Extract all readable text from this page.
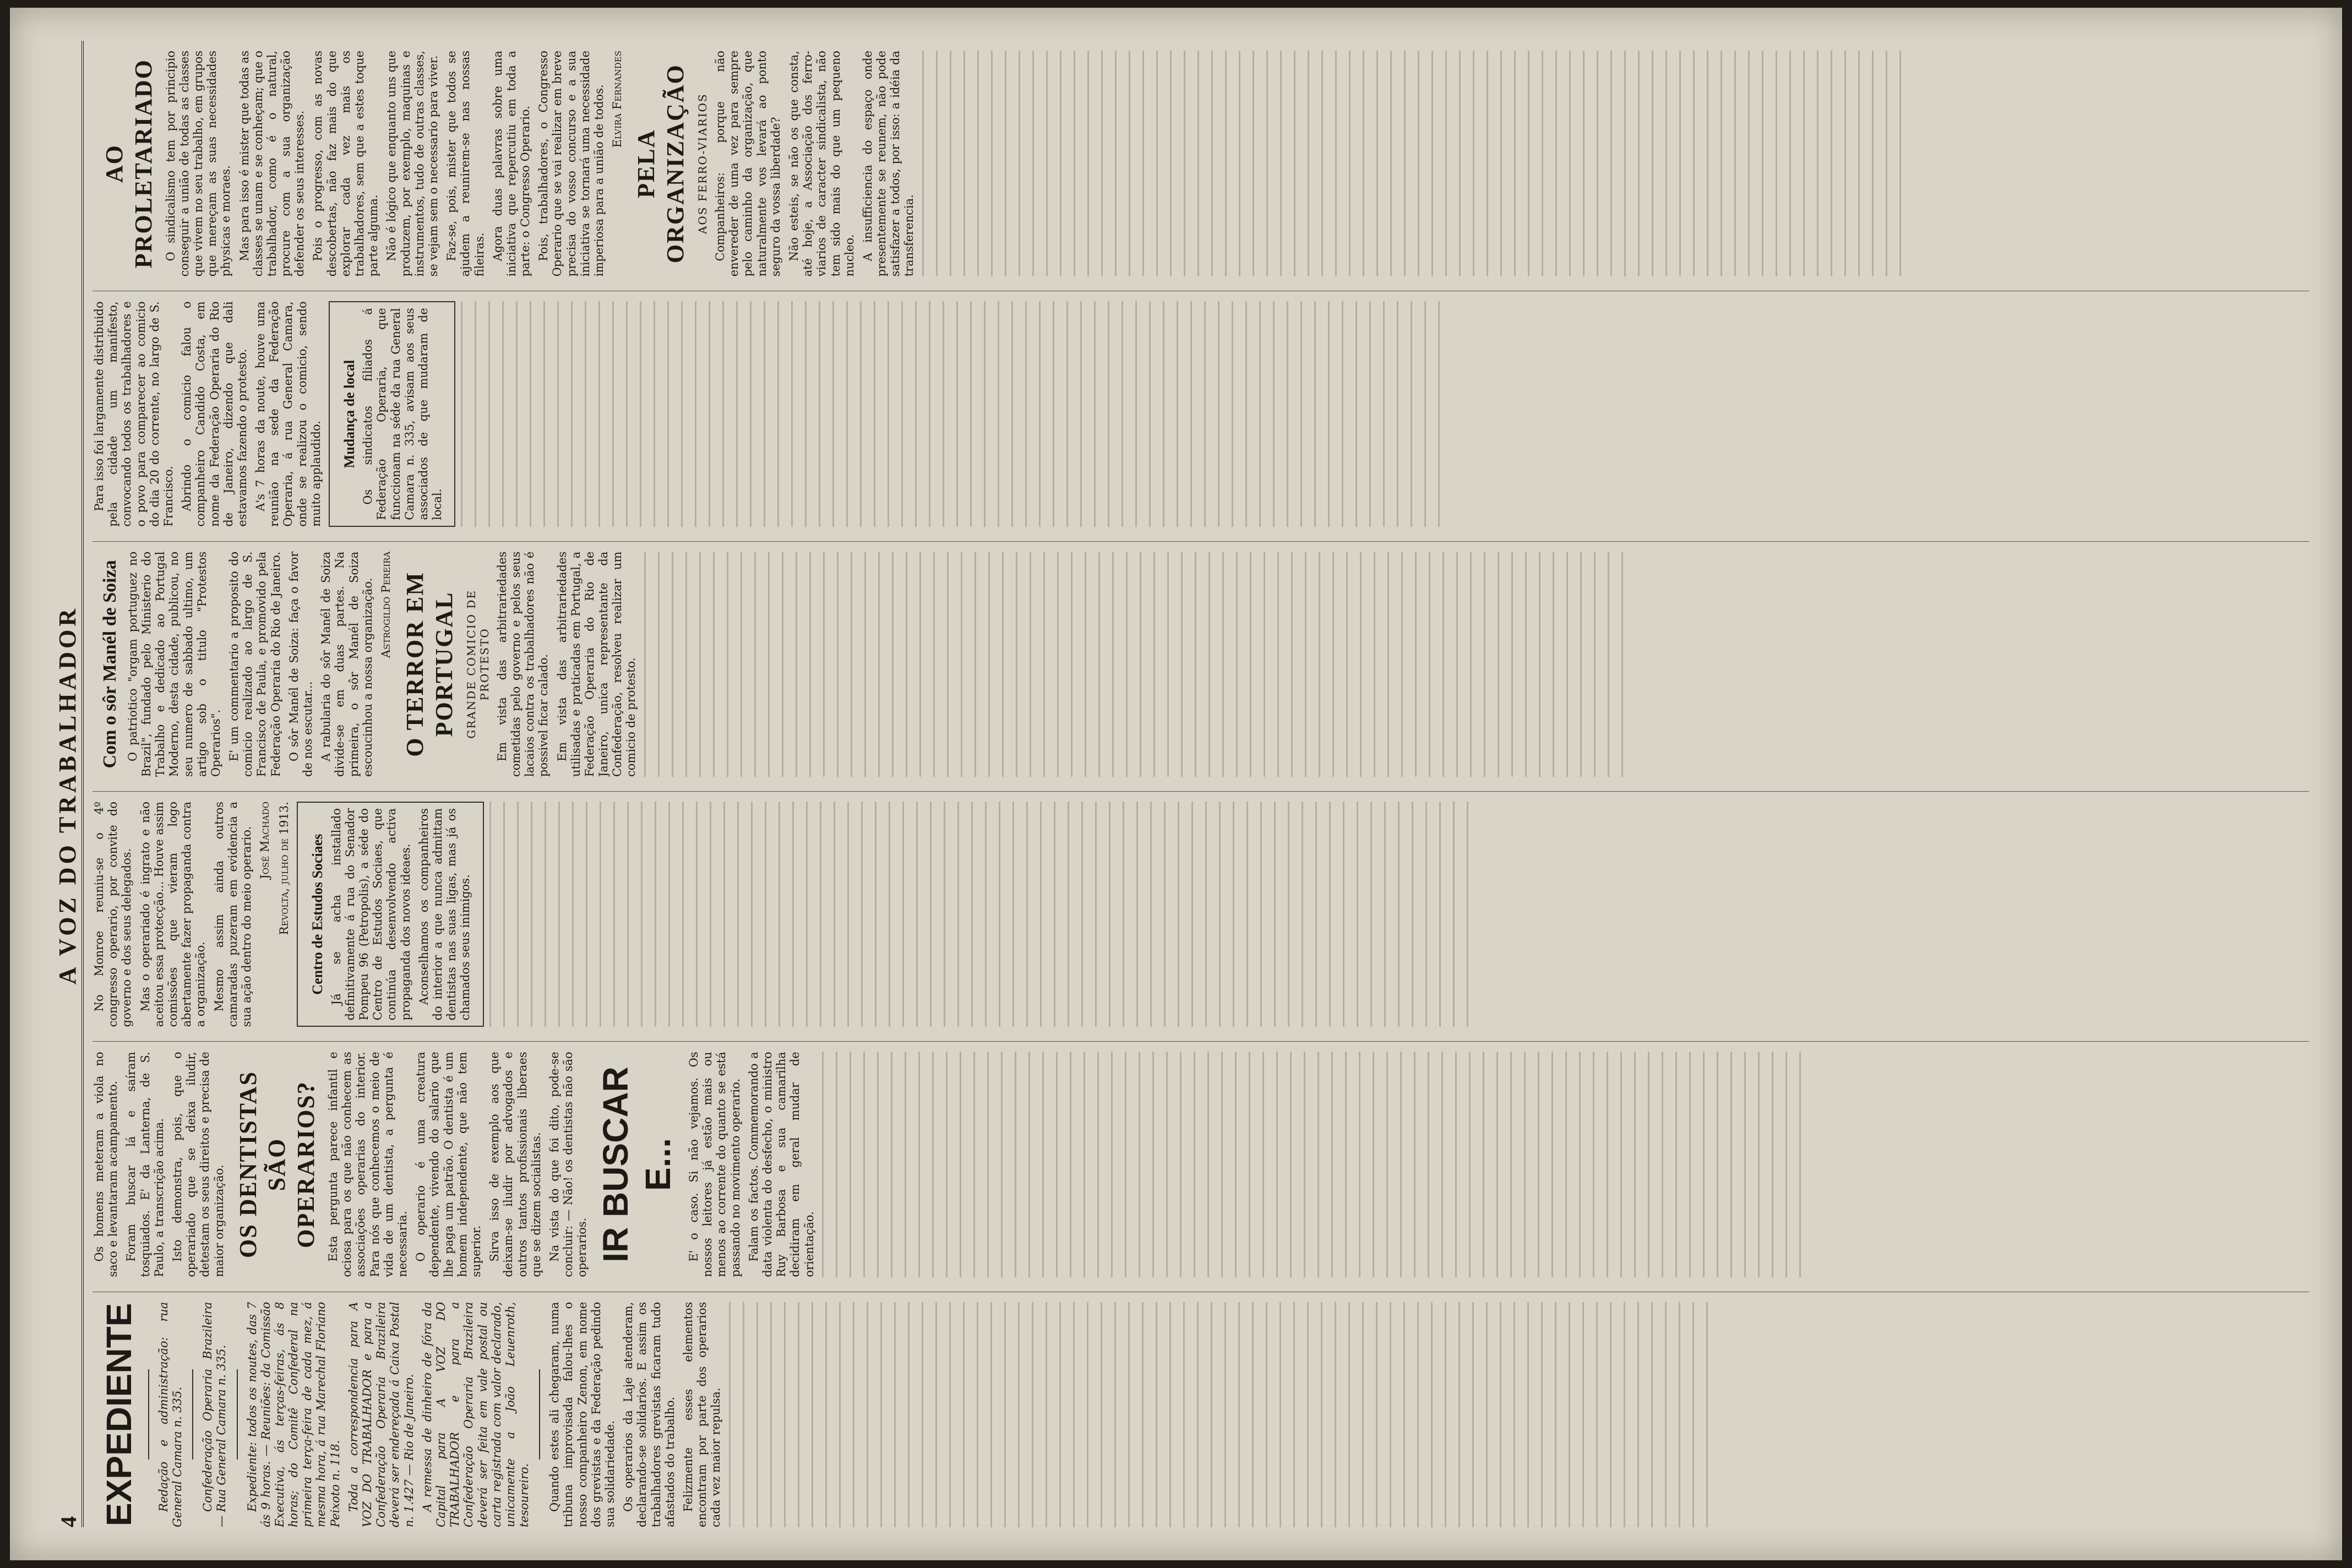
4
A VOZ DO TRABALHADOR
EXPEDIENTE Redação e administração: rua General Camara n. 335. Confederação Operaria Brazileira — Rua General Camara n. 335. Expediente: todos os noutes, das 7 ás 9 horas. — Reuniões: da Comissão Executiva, ás terças-feiras, ás 8 horas; do Comitê Confederal na primeira terça-feira de cada mez, á mesma hora, á rua Marechal Floriano Peixoto n. 118. Toda a correspondencia para A VOZ DO TRABALHADOR e para a Confederação Operaria Brazileira deverá ser endereçada á Caixa Postal n. 1.427 — Rio de Janeiro. A remessa de dinheiro de fóra da Capital para A VOZ DO TRABALHADOR e para a Confederação Operaria Brazileira deverá ser feita em vale postal ou carta registrada com valor declarado, unicamente a João Leuenroth, tesoureiro. Quando estes ali chegaram, numa tribuna improvisada falou-lhes o nosso companheiro Zenon, em nome dos grevistas e da Federação pedindo sua solidariedade. Os operarios da Laje atenderam, declarando-se solidarios. E assim os trabalhadores grevistas ficaram tudo afastados do trabalho. Felizmente esses elementos encontram por parte dos operarios cada vez maior repulsa.

Os homens meteram a viola no saco e levantaram acampamento. Foram buscar lá e saíram tosquiados. E' da Lanterna, de S. Paulo, a transcrição acima. Isto demonstra, pois, que o operariado que se deixa iludir, detestam os seus direitos e precisa de maior organização. OS DENTISTAS SÃO OPERARIOS? Esta pergunta parece infantil e ociosa para os que não conhecem as associações operarias do interior. Para nós que conhecemos o meio de vida de um dentista, a pergunta é necessaria. O operario é uma creatura dependente, vivendo do salario que lhe paga um patrão. O dentista é um homem independente, que não tem superior. Sirva isso de exemplo aos que deixam-se iludir por advogados e outros tantos profissionais liberaes que se dizem socialistas. Na vista do que foi dito, pode-se concluir: — Não! os dentistas não são operarios. IR BUSCAR E... E' o caso. Si não vejamos. Os nossos leitores já estão mais ou menos ao corrente do quanto se está passando no movimento operario. Falam os factos. Commemorando a data violenta do desfecho, o ministro Ruy Barbosa e sua camarilha decidiram em geral mudar de orientação.

No Monroe reuniu-se o 4º congresso operario, por convite do governo e dos seus delegados. Mas o operariado é ingrato e não aceitou essa protecção... Houve assim comissões que vieram logo abertamente fazer propaganda contra a organização. Mesmo assim ainda outros camaradas puzeram em evidencia a sua ação dentro do meio operario. José Machado Revolta, julho de 1913. Centro de Estudos Sociaes Já se acha installado definitivamente á rua do Senador Pompeu 96 (Petropolis), a séde do Centro de Estudos Sociaes, que continúa desenvolvendo activa propaganda dos novos ideaes. Aconselhamos os companheiros do interior a que nunca admittam dentistas nas suas ligas, mas já os chamados seus inimigos.

Com o sôr Manél de Soiza O patriotico "orgam portuguez no Brazil", fundado pelo Ministerio do Trabalho e dedicado ao Portugal Moderno, desta cidade, publicou, no seu numero de sabbado ultimo, um artigo sob o titulo "Protestos Operarios". E' um commentario a proposito do comicio realizado ao largo de S. Francisco de Paula, e promovido pela Federação Operaria do Rio de Janeiro. O sôr Manél de Soiza: faça o favor de nos escutar... A rabularia do sôr Manél de Soiza divide-se em duas partes. Na primeira, o sôr Manél de Soiza escoucinhou a nossa organização. Astrogildo Pereira O TERROR EM PORTUGAL GRANDE COMICIO DE PROTESTO Em vista das arbitrariedades cometidas pelo governo e pelos seus lacaios contra os trabalhadores não é possivel ficar calado. Em vista das arbitrariedades utilisadas e praticadas em Portugal, a Federação Operaria do Rio de Janeiro, unica representante da Confederação, resolveu realizar um comicio de protesto.

Para isso foi largamente distribuido pela cidade um manifesto, convocando todos os trabalhadores e o povo para comparecer ao comicio do dia 20 do corrente, no largo de S. Francisco. Abrindo o comicio falou o companheiro Candido Costa, em nome da Federação Operaria do Rio de Janeiro, dizendo que dali estavamos fazendo o protesto. A's 7 horas da noute, houve uma reunião na sede da Federação Operaria, á rua General Camara, onde se realizou o comicio, sendo muito applaudido.

Mudança de local Os sindicatos filiados á Federação Operaria, que funccionam na séde da rua General Camara n. 335, avisam aos seus associados de que mudaram de local.

AO PROLETARIADO O sindicalismo tem por principio conseguir a união de todas as classes que vivem no seu trabalho, em grupos que mereçam as suas necessidades physicas e moraes. Mas para isso é mister que todas as classes se unam e se conheçam; que o trabalhador, como é o natural, procure com a sua organização defender os seus interesses. Pois o progresso, com as novas descobertas, não faz mais do que explorar cada vez mais os trabalhadores, sem que a estes toque parte alguma. Não é lógico que enquanto uns que produzem, por exemplo, maquinas e instrumentos, tudo de outras classes, se vejam sem o necessario para viver. Faz-se, pois, mister que todos se ajudem a reunirem-se nas nossas fileiras. Agora duas palavras sobre uma iniciativa que repercutiu em toda a parte: o Congresso Operario. Pois, trabalhadores, o Congresso Operario que se vai realizar em breve precisa do vosso concurso e a sua iniciativa se tornará uma necessidade imperiosa para a união de todos. Elvira Fernandes
PELA ORGANIZAÇÃO AOS FERRO-VIARIOS Companheiros: porque não envereder de uma vez para sempre pelo caminho da organização, que naturalmente vos levará ao ponto seguro da vossa liberdade? Não esteis, se não os que consta, até hoje, a Associação dos ferro-viarios de caracter sindicalista, não tem sido mais do que um pequeno nucleo. A insufficiencia do espaço onde presentemente se reunem, não pode satisfazer a todos, por isso: a idéia da transferencia.
